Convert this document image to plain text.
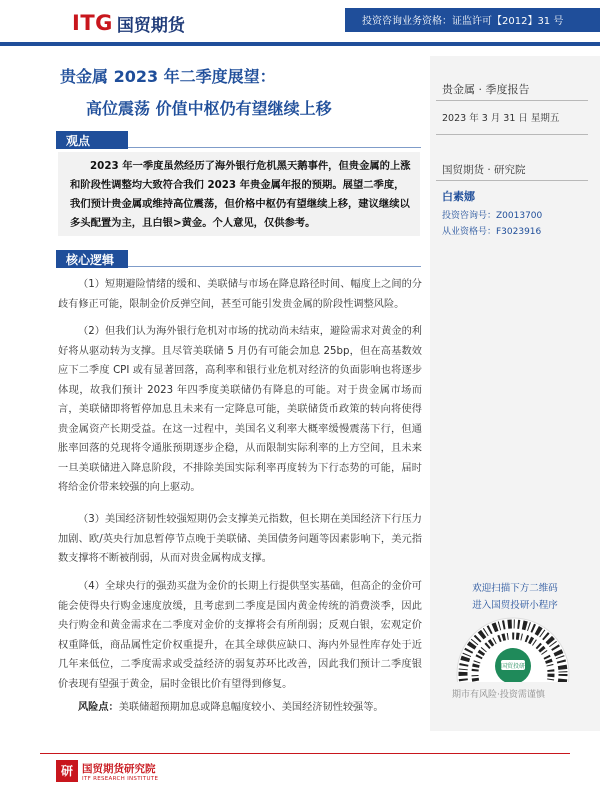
ITG 国贸期货	投资咨询业务资格：证监许可【2012】31 号
贵金属 2023 年二季度展望：
高位震荡 价值中枢仍有望继续上移
观点
2023 年一季度虽然经历了海外银行危机黑天鹅事件，但贵金属的上涨和阶段性调整均大致符合我们 2023 年贵金属年报的预期。展望二季度，我们预计贵金属或维持高位震荡，但价格中枢仍有望继续上移，建议继续以多头配置为主，且白银>黄金。个人意见，仅供参考。
核心逻辑
（1）短期避险情绪的缓和、美联储与市场在降息路径时间、幅度上之间的分歧有修正可能，限制金价反弹空间，甚至可能引发贵金属的阶段性调整风险。
（2）但我们认为海外银行危机对市场的扰动尚未结束，避险需求对黄金的利好将从驱动转为支撑。且尽管美联储 5 月仍有可能会加息 25bp，但在高基数效应下二季度 CPI 或有显著回落，高利率和银行业危机对经济的负面影响也将逐步体现，故我们预计 2023 年四季度美联储仍有降息的可能。对于贵金属市场而言，美联储即将暂停加息且未来有一定降息可能，美联储货币政策的转向将使得贵金属资产长期受益。在这一过程中，美国名义利率大概率缓慢震荡下行，但通胀率回落的兑现将令通胀预期逐步企稳，从而限制实际利率的上方空间，且未来一旦美联储进入降息阶段，不排除美国实际利率再度转为下行态势的可能，届时将给金价带来较强的向上驱动。
（3）美国经济韧性较强短期仍会支撑美元指数，但长期在美国经济下行压力加剧、欧/英央行加息暂停节点晚于美联储、美国债务问题等因素影响下，美元指数支撑将不断被削弱，从而对贵金属构成支撑。
（4）全球央行的强劲买盘为金价的长期上行提供坚实基础，但高企的金价可能会使得央行购金速度放缓，且考虑到二季度是国内黄金传统的消费淡季，因此央行购金和黄金需求在二季度对金价的支撑将会有所削弱；反观白银，宏观定价权重降低，商品属性定价权重提升，在其全球供应缺口、海内外显性库存处于近几年来低位，二季度需求或受益经济的弱复苏环比改善，因此我们预计二季度银价表现有望强于黄金，届时金银比价有望得到修复。
风险点：美联储超预期加息或降息幅度较小、美国经济韧性较强等。
贵金属 · 季度报告
2023 年 3 月 31 日 星期五
国贸期货 · 研究院
白素娜
投资咨询号：Z0013700
从业资格号：F3023916
欢迎扫描下方二维码
进入国贸投研小程序
国贸投研
期市有风险·投资需谨慎
研 国贸期货研究院
ITF RESEARCH INSTITUTE
